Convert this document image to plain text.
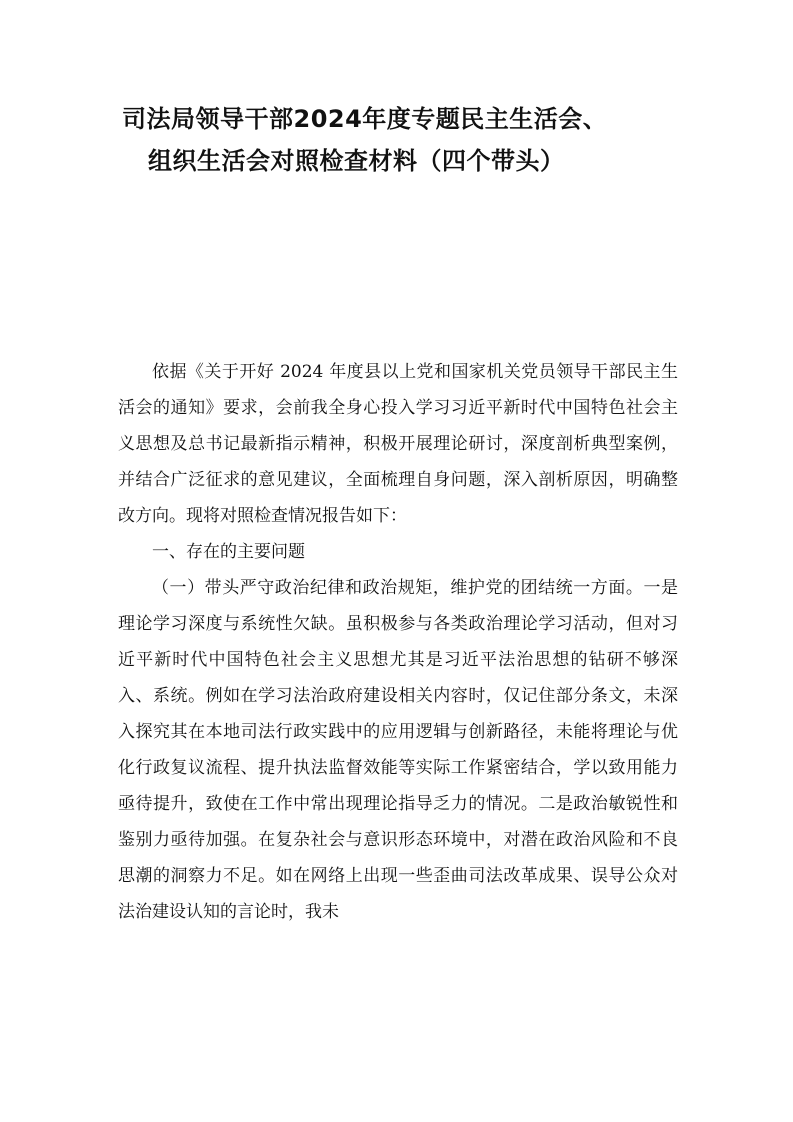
司法局领导干部2024年度专题民主生活会、
组织生活会对照检查材料（四个带头）

依据《关于开好 2024 年度县以上党和国家机关党员领导干部民主生活会的通知》要求，会前我全身心投入学习习近平新时代中国特色社会主义思想及总书记最新指示精神，积极开展理论研讨，深度剖析典型案例，并结合广泛征求的意见建议，全面梳理自身问题，深入剖析原因，明确整改方向。现将对照检查情况报告如下：

一、存在的主要问题

（一）带头严守政治纪律和政治规矩，维护党的团结统一方面。一是理论学习深度与系统性欠缺。虽积极参与各类政治理论学习活动，但对习近平新时代中国特色社会主义思想尤其是习近平法治思想的钻研不够深入、系统。例如在学习法治政府建设相关内容时，仅记住部分条文，未深入探究其在本地司法行政实践中的应用逻辑与创新路径，未能将理论与优化行政复议流程、提升执法监督效能等实际工作紧密结合，学以致用能力亟待提升，致使在工作中常出现理论指导乏力的情况。二是政治敏锐性和鉴别力亟待加强。在复杂社会与意识形态环境中，对潜在政治风险和不良思潮的洞察力不足。如在网络上出现一些歪曲司法改革成果、误导公众对法治建设认知的言论时，我未
